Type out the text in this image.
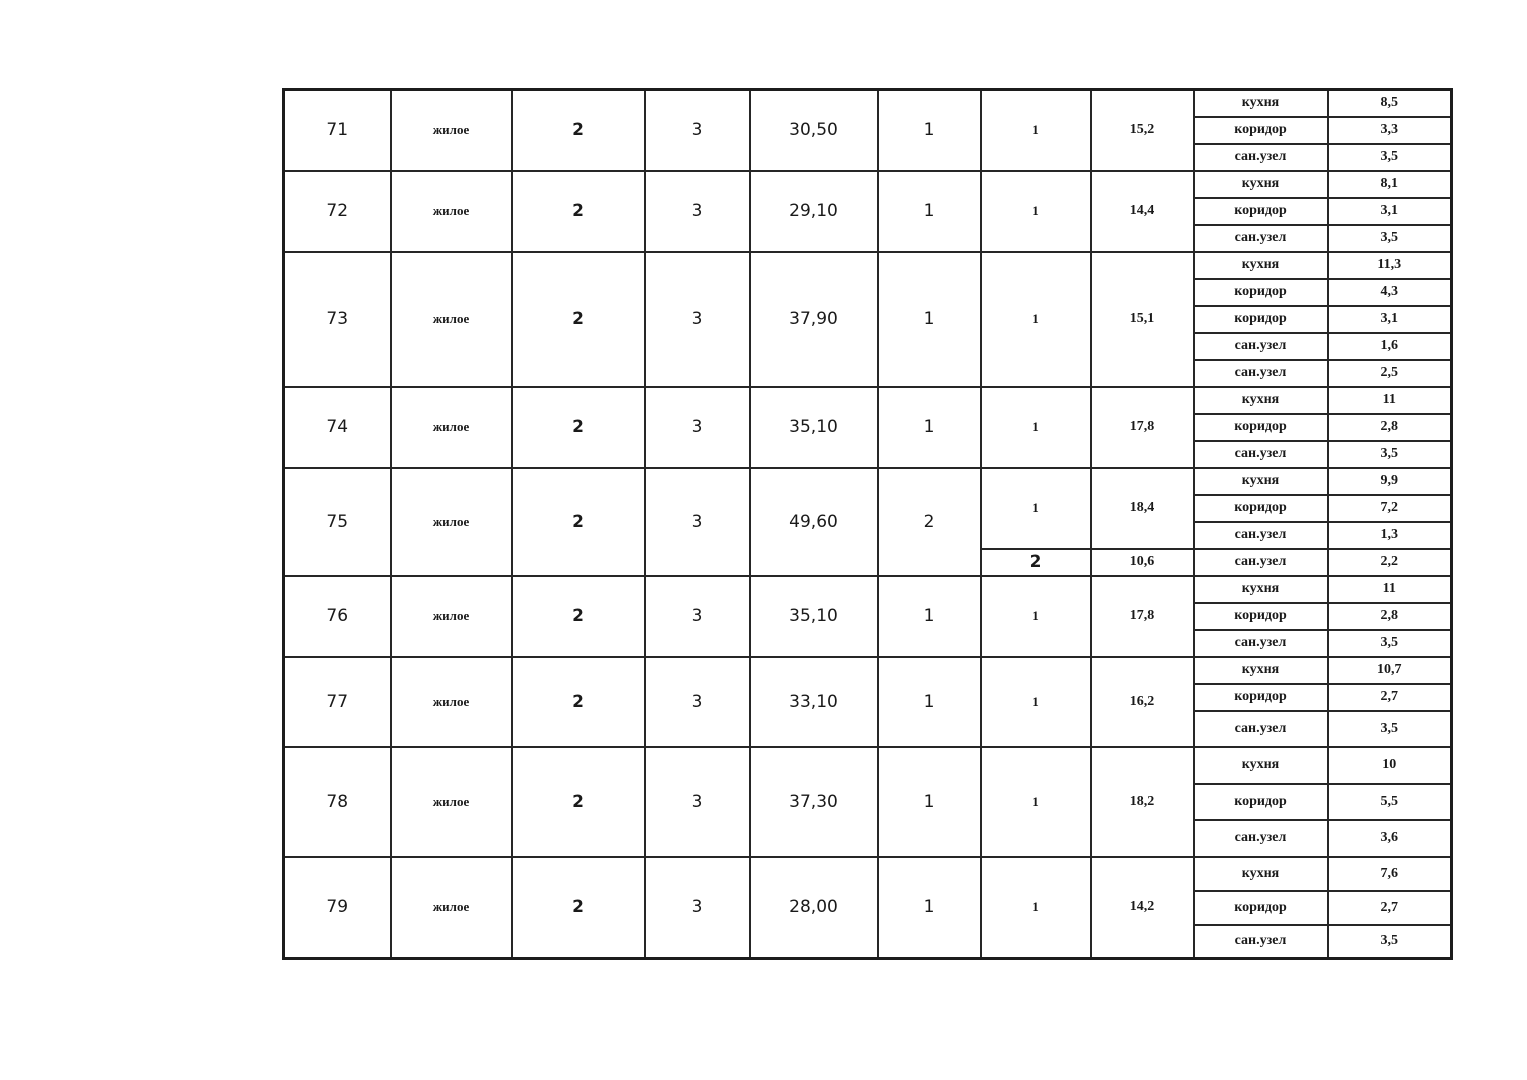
71	жилое	2	3	30,50	1	1	15,2	кухня	8,5
								коридор	3,3
								сан.узел	3,5
72	жилое	2	3	29,10	1	1	14,4	кухня	8,1
								коридор	3,1
								сан.узел	3,5
73	жилое	2	3	37,90	1	1	15,1	кухня	11,3
								коридор	4,3
								коридор	3,1
								сан.узел	1,6
								сан.узел	2,5
74	жилое	2	3	35,10	1	1	17,8	кухня	11
								коридор	2,8
								сан.узел	3,5
75	жилое	2	3	49,60	2	1	18,4	кухня	9,9
								коридор	7,2
								сан.узел	1,3
						2	10,6	сан.узел	2,2
76	жилое	2	3	35,10	1	1	17,8	кухня	11
								коридор	2,8
								сан.узел	3,5
77	жилое	2	3	33,10	1	1	16,2	кухня	10,7
								коридор	2,7
								сан.узел	3,5
78	жилое	2	3	37,30	1	1	18,2	кухня	10
								коридор	5,5
								сан.узел	3,6
79	жилое	2	3	28,00	1	1	14,2	кухня	7,6
								коридор	2,7
								сан.узел	3,5
